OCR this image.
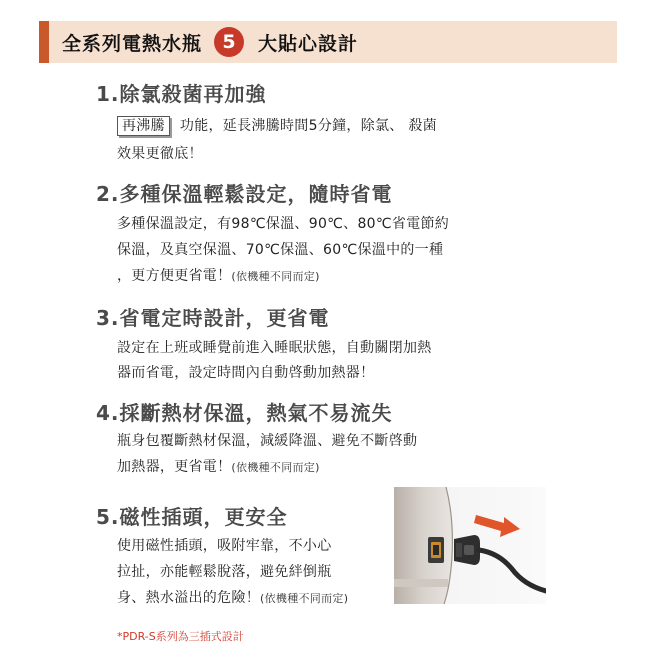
全系列電熱水瓶	5	大貼心設計
1.除氯殺菌再加強
再沸騰 功能，延長沸騰時間5分鐘，除氯、 殺菌
效果更徹底！
2.多種保溫輕鬆設定，隨時省電
多種保溫設定，有98℃保溫、90℃、80℃省電節約
保溫，及真空保溫、70℃保溫、60℃保溫中的一種
，更方便更省電！(依機種不同而定)
3.省電定時設計，更省電
設定在上班或睡覺前進入睡眠狀態，自動關閉加熱
器而省電，設定時間內自動啓動加熱器！
4.採斷熱材保溫，熱氣不易流失
瓶身包覆斷熱材保溫，減緩降溫、避免不斷啓動
加熱器，更省電！(依機種不同而定)
5.磁性插頭，更安全
使用磁性插頭，吸附牢靠，不小心
拉扯，亦能輕鬆脫落，避免絆倒瓶
身、熱水溢出的危險！(依機種不同而定)
*PDR-S系列為三插式設計
